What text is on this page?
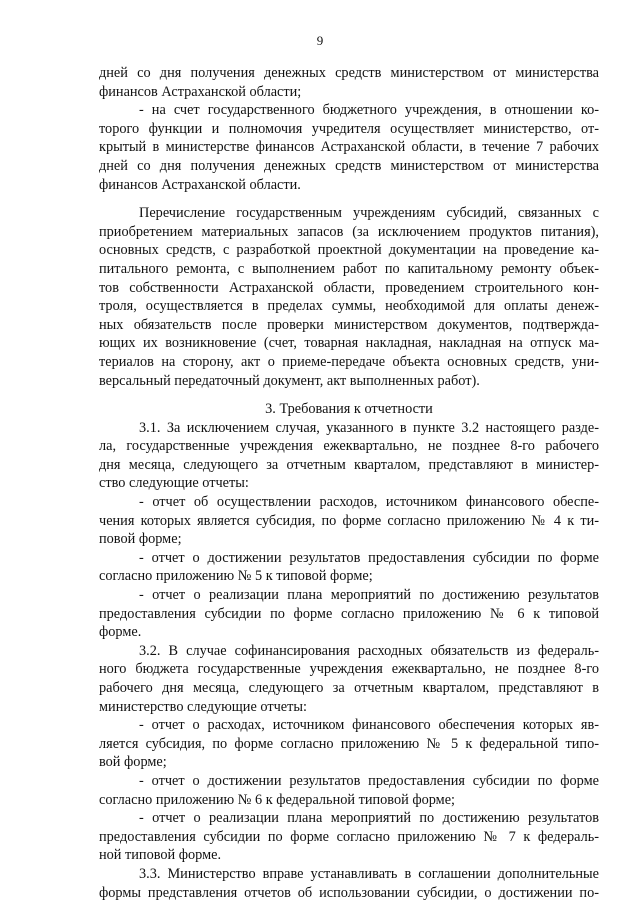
9
дней со дня получения денежных средств министерством от министерства
финансов Астраханской области;
- на счет государственного бюджетного учреждения, в отношении ко-
торого функции и полномочия учредителя осуществляет министерство, от-
крытый в министерстве финансов Астраханской области, в течение 7 рабочих
дней со дня получения денежных средств министерством от министерства
финансов Астраханской области.
Перечисление государственным учреждениям субсидий, связанных с
приобретением материальных запасов (за исключением продуктов питания),
основных средств, с разработкой проектной документации на проведение ка-
питального ремонта, с выполнением работ по капитальному ремонту объек-
тов собственности Астраханской области, проведением строительного кон-
троля, осуществляется в пределах суммы, необходимой для оплаты денеж-
ных обязательств после проверки министерством документов, подтвержда-
ющих их возникновение (счет, товарная накладная, накладная на отпуск ма-
териалов на сторону, акт о приеме-передаче объекта основных средств, уни-
версальный передаточный документ, акт выполненных работ).
3. Требования к отчетности
3.1. За исключением случая, указанного в пункте 3.2 настоящего разде-
ла, государственные учреждения ежеквартально, не позднее 8-го рабочего
дня месяца, следующего за отчетным кварталом, представляют в министер-
ство следующие отчеты:
- отчет об осуществлении расходов, источником финансового обеспе-
чения которых является субсидия, по форме согласно приложению № 4 к ти-
повой форме;
- отчет о достижении результатов предоставления субсидии по форме
согласно приложению № 5 к типовой форме;
- отчет о реализации плана мероприятий по достижению результатов
предоставления субсидии по форме согласно приложению № 6 к типовой
форме.
3.2. В случае софинансирования расходных обязательств из федераль-
ного бюджета государственные учреждения ежеквартально, не позднее 8-го
рабочего дня месяца, следующего за отчетным кварталом, представляют в
министерство следующие отчеты:
- отчет о расходах, источником финансового обеспечения которых яв-
ляется субсидия, по форме согласно приложению № 5 к федеральной типо-
вой форме;
- отчет о достижении результатов предоставления субсидии по форме
согласно приложению № 6 к федеральной типовой форме;
- отчет о реализации плана мероприятий по достижению результатов
предоставления субсидии по форме согласно приложению № 7 к федераль-
ной типовой форме.
3.3. Министерство вправе устанавливать в соглашении дополнительные
формы представления отчетов об использовании субсидии, о достижении по-
